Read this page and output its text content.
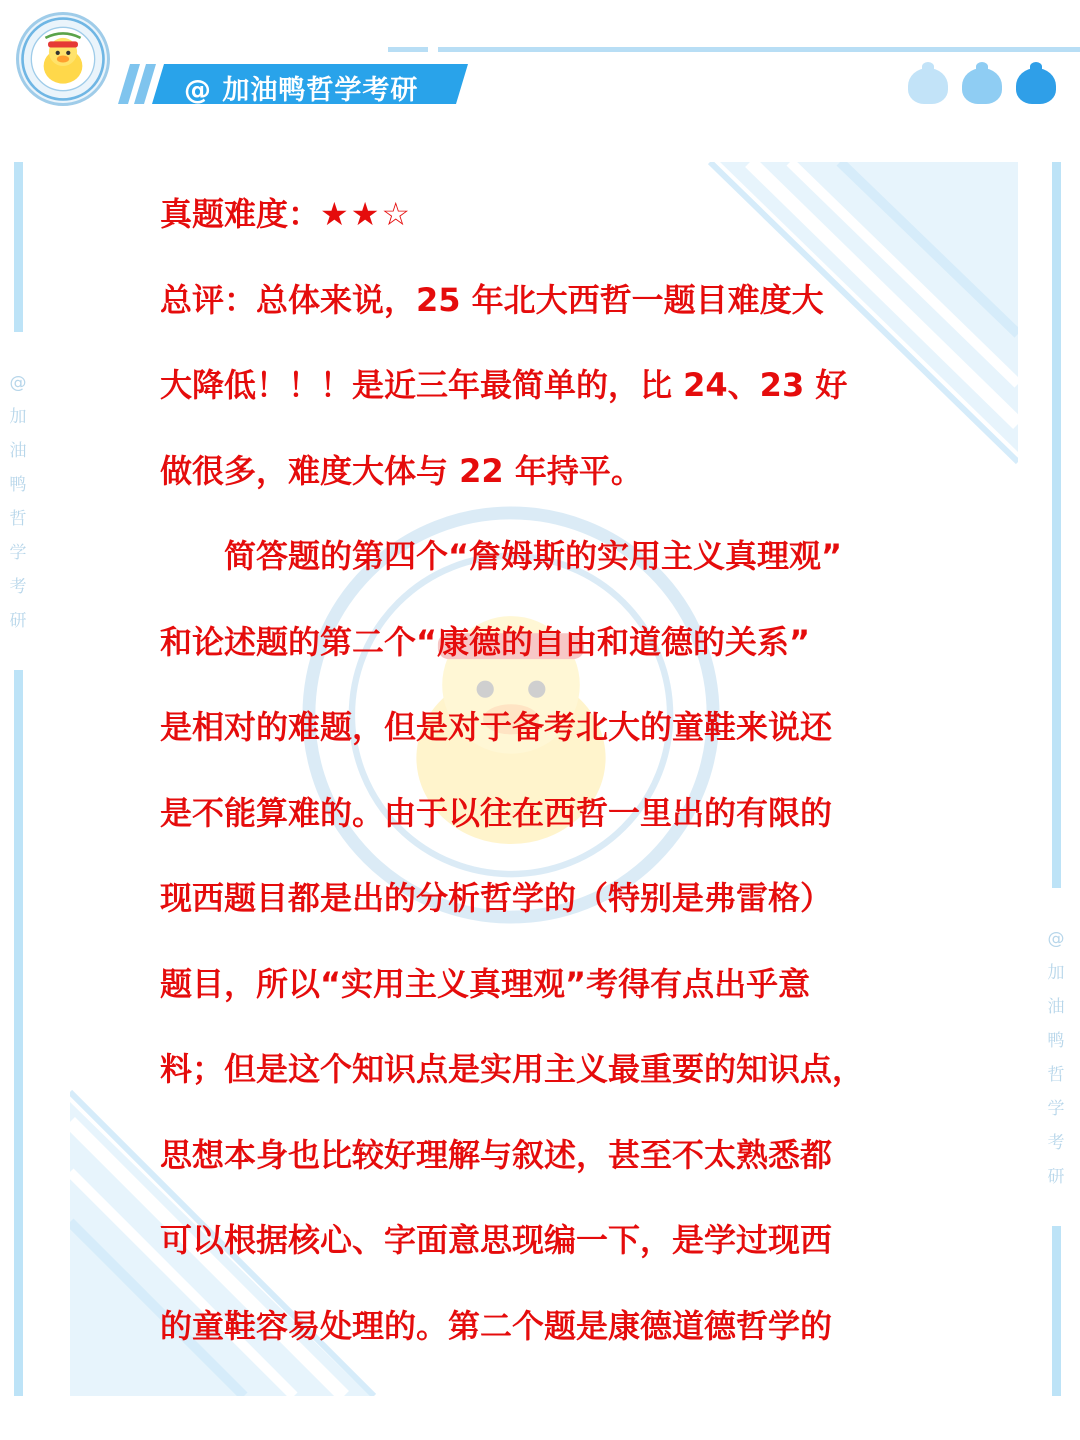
@ 加油鸭哲学考研
@
加
油
鸭
哲
学
考
研
@
加
油
鸭
哲
学
考
研

真题难度：★★☆

总评：总体来说，25 年北大西哲一题目难度大

大降低！！！是近三年最简单的，比 24、23 好

做很多，难度大体与 22 年持平。

　　简答题的第四个“詹姆斯的实用主义真理观”

和论述题的第二个“康德的自由和道德的关系”

是相对的难题，但是对于备考北大的童鞋来说还

是不能算难的。由于以往在西哲一里出的有限的

现西题目都是出的分析哲学的（特别是弗雷格）

题目，所以“实用主义真理观”考得有点出乎意

料；但是这个知识点是实用主义最重要的知识点，

思想本身也比较好理解与叙述，甚至不太熟悉都

可以根据核心、字面意思现编一下，是学过现西

的童鞋容易处理的。第二个题是康德道德哲学的
